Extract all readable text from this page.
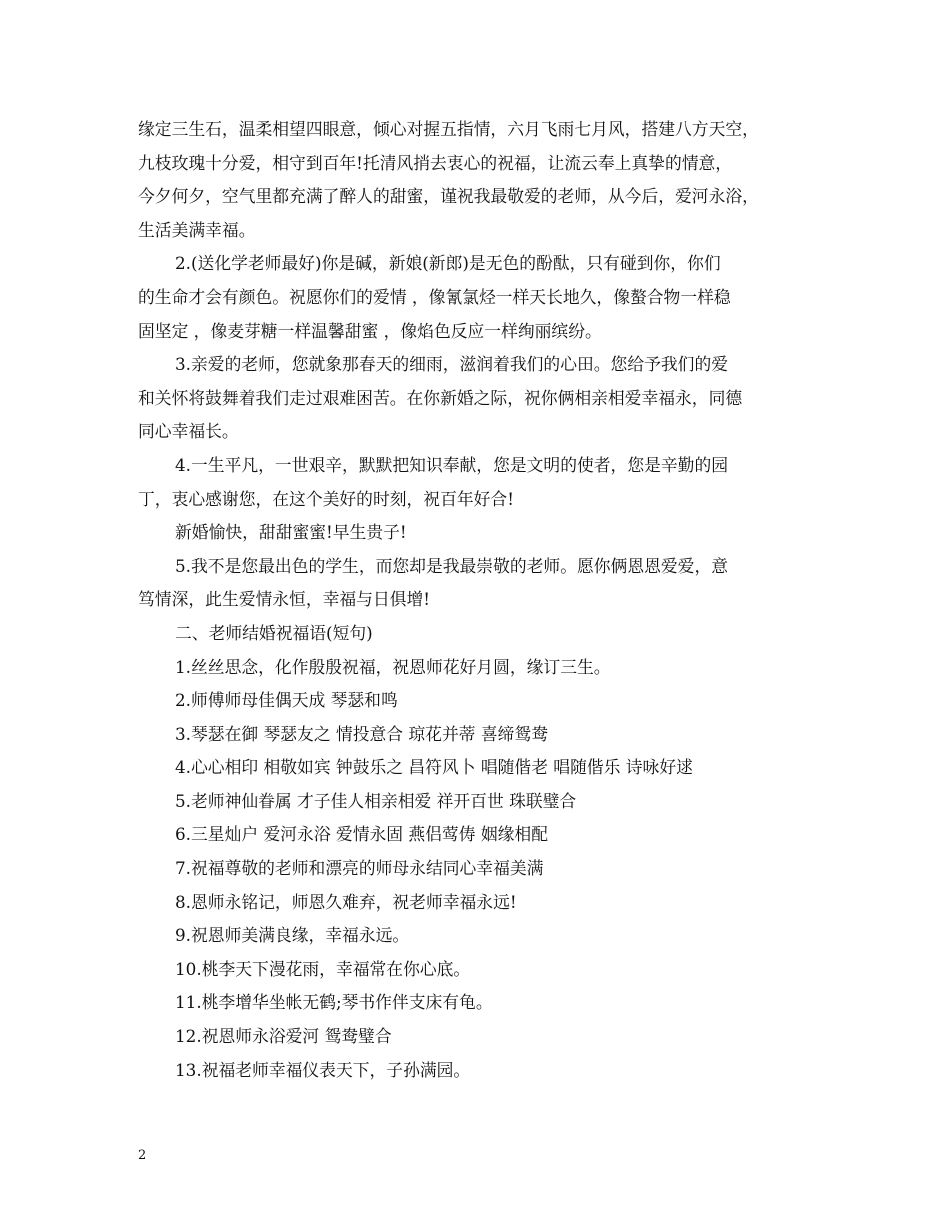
缘定三生石，温柔相望四眼意，倾心对握五指情，六月飞雨七月风，搭建八方天空，
九枝玫瑰十分爱，相守到百年!托清风捎去衷心的祝福，让流云奉上真挚的情意，
今夕何夕，空气里都充满了醉人的甜蜜，谨祝我最敬爱的老师，从今后，爱河永浴，
生活美满幸福。
2.(送化学老师最好)你是碱，新娘(新郎)是无色的酚酞，只有碰到你，你们
的生命才会有颜色。祝愿你们的爱情 ，像氰氯烃一样天长地久，像螯合物一样稳
固坚定 ，像麦芽糖一样温馨甜蜜 ，像焰色反应一样绚丽缤纷。
3.亲爱的老师，您就象那春天的细雨，滋润着我们的心田。您给予我们的爱
和关怀将鼓舞着我们走过艰难困苦。在你新婚之际，祝你俩相亲相爱幸福永，同德
同心幸福长。
4.一生平凡，一世艰辛，默默把知识奉献，您是文明的使者，您是辛勤的园
丁，衷心感谢您，在这个美好的时刻，祝百年好合!
新婚愉快，甜甜蜜蜜!早生贵子!
5.我不是您最出色的学生，而您却是我最崇敬的老师。愿你俩恩恩爱爱，意
笃情深，此生爱情永恒，幸福与日俱增!
二、老师结婚祝福语(短句)
1.丝丝思念，化作殷殷祝福，祝恩师花好月圆，缘订三生。
2.师傅师母佳偶天成 琴瑟和鸣
3.琴瑟在御 琴瑟友之 情投意合 琼花并蒂 喜缔鸳鸯
4.心心相印 相敬如宾 钟鼓乐之 昌符风卜 唱随偕老 唱随偕乐 诗咏好逑
5.老师神仙眷属 才子佳人相亲相爱 祥开百世 珠联璧合
6.三星灿户 爱河永浴 爱情永固 燕侣莺俦 姻缘相配
7.祝福尊敬的老师和漂亮的师母永结同心幸福美满
8.恩师永铭记，师恩久难弃，祝老师幸福永远!
9.祝恩师美满良缘，幸福永远。
10.桃李天下漫花雨，幸福常在你心底。
11.桃李增华坐帐无鹤;琴书作伴支床有龟。
12.祝恩师永浴爱河 鸳鸯璧合
13.祝福老师幸福仪表天下，子孙满园。
2
